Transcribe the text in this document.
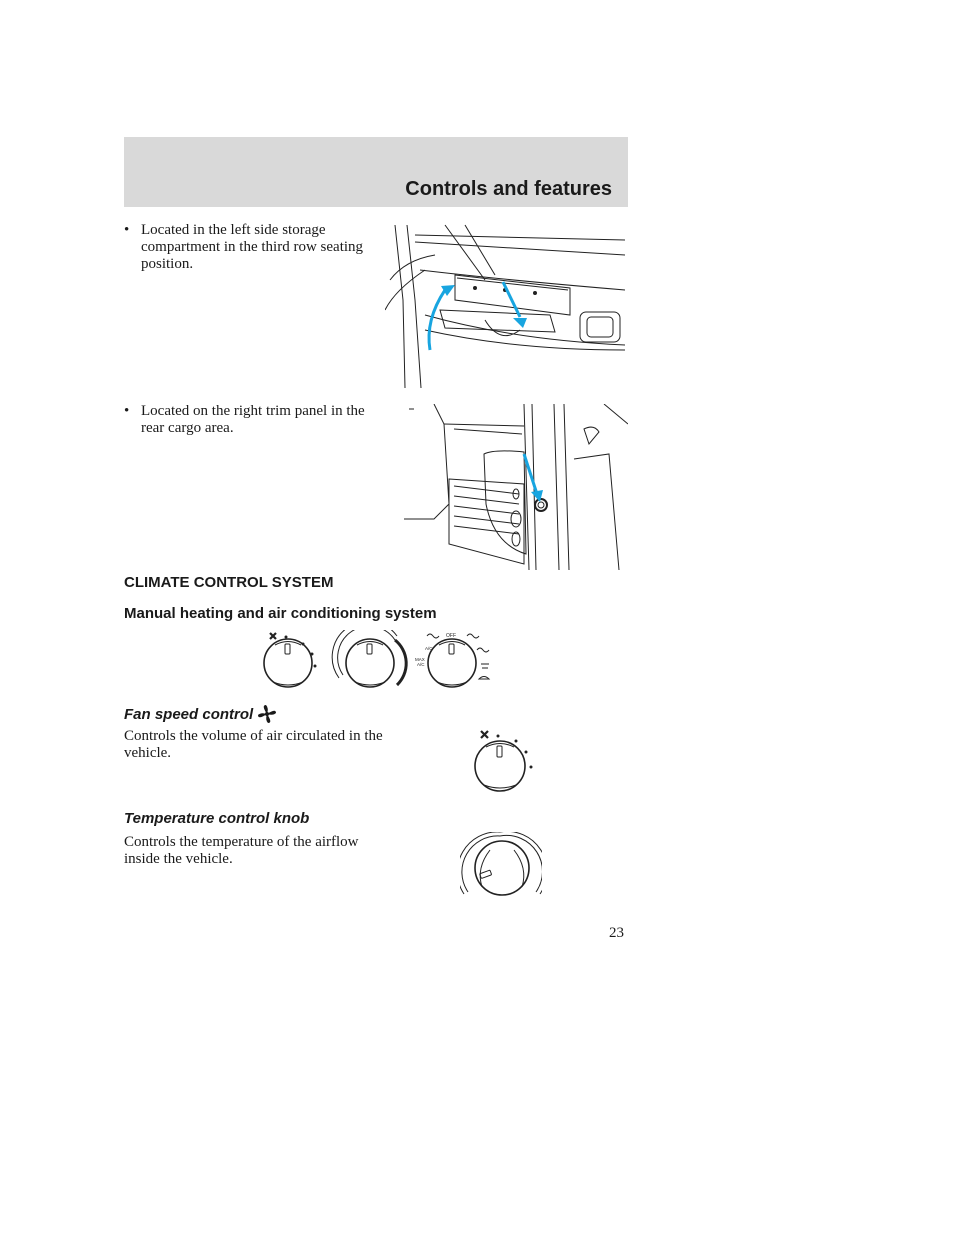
Controls and features
• Located in the left side storage compartment in the third row seating position.
• Located on the right trim panel in the rear cargo area.
CLIMATE CONTROL SYSTEM
Manual heating and air conditioning system
OFF
A/C
MAX
A/C
Fan speed control

Controls the volume of air circulated in the vehicle.

Temperature control knob

Controls the temperature of the airflow inside the vehicle.

23
